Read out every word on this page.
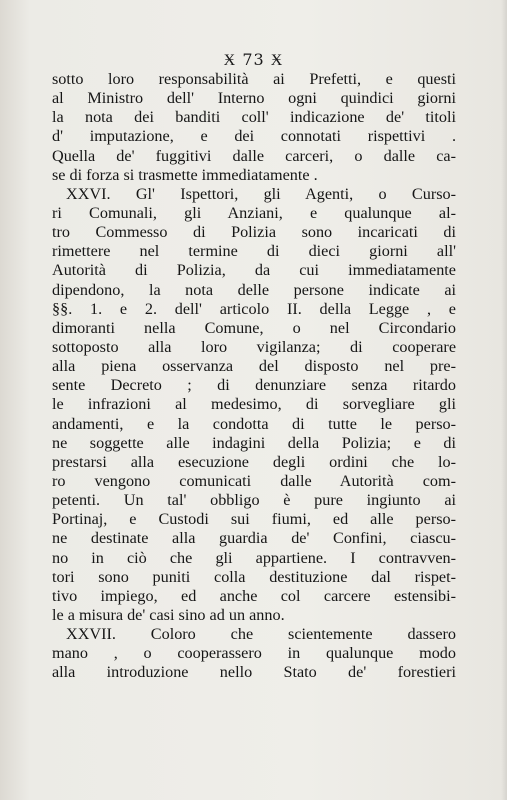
Ӿ 73 Ӿ
sotto loro responsabilità ai Prefetti, e questi
al Ministro dell' Interno ogni quindici giorni
la nota dei banditi coll' indicazione de' titoli
d' imputazione, e dei connotati rispettivi .
Quella de' fuggitivi dalle carceri, o dalle ca-
se di forza si trasmette immediatamente .
XXVI. Gl' Ispettori, gli Agenti, o Curso-
ri Comunali, gli Anziani, e qualunque al-
tro Commesso di Polizia sono incaricati di
rimettere nel termine di dieci giorni all'
Autorità di Polizia, da cui immediatamente
dipendono, la nota delle persone indicate ai
§§. 1. e 2. dell' articolo II. della Legge , e
dimoranti nella Comune, o nel Circondario
sottoposto alla loro vigilanza; di cooperare
alla piena osservanza del disposto nel pre-
sente Decreto ; di denunziare senza ritardo
le infrazioni al medesimo, di sorvegliare gli
andamenti, e la condotta di tutte le perso-
ne soggette alle indagini della Polizia; e di
prestarsi alla esecuzione degli ordini che lo-
ro vengono comunicati dalle Autorità com-
petenti. Un tal' obbligo è pure ingiunto ai
Portinaj, e Custodi sui fiumi, ed alle perso-
ne destinate alla guardia de' Confini, ciascu-
no in ciò che gli appartiene. I contravven-
tori sono puniti colla destituzione dal rispet-
tivo impiego, ed anche col carcere estensibi-
le a misura de' casi sino ad un anno.
XXVII. Coloro che scientemente dassero
mano , o cooperassero in qualunque modo
alla introduzione nello Stato de' forestieri
